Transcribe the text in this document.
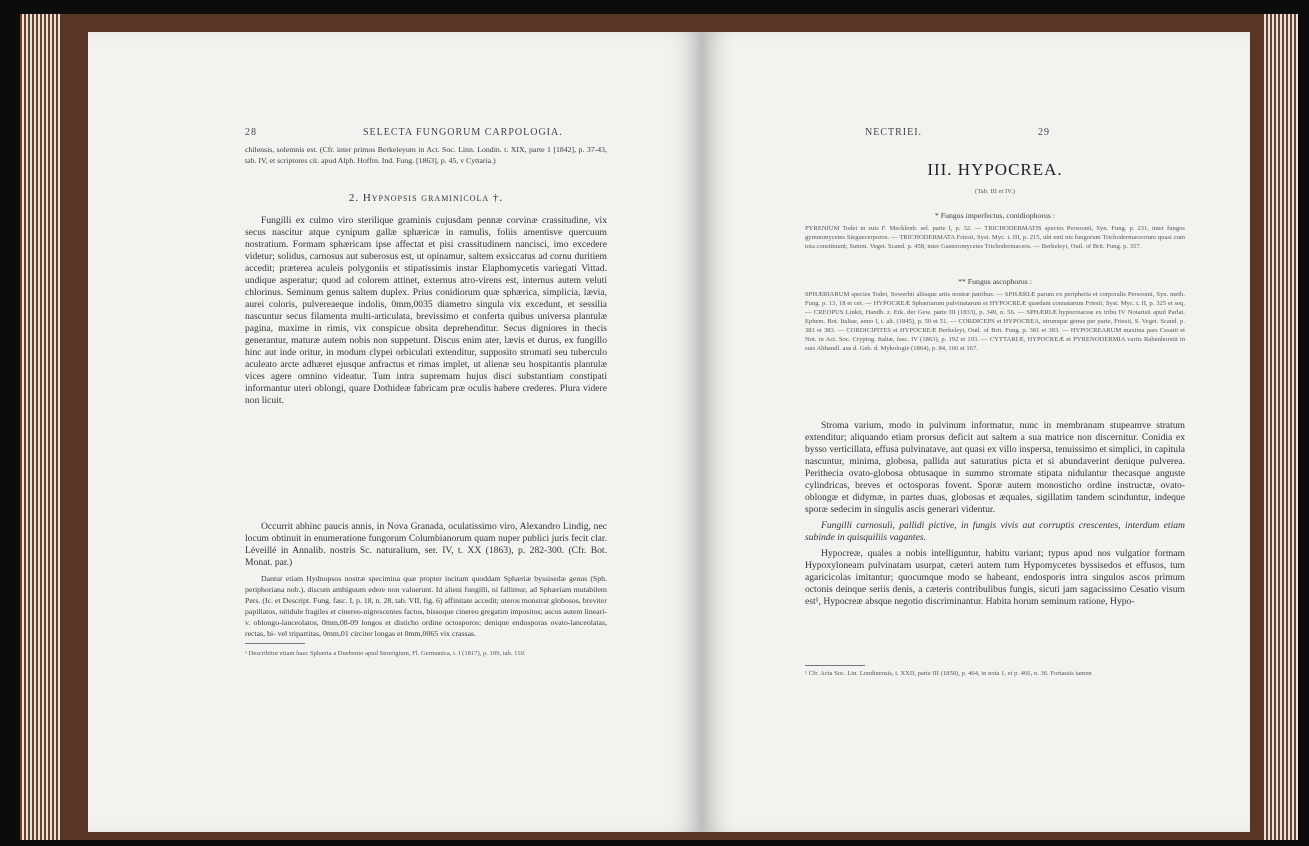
28	SELECTA FUNGORUM CARPOLOGIA.
chilensis, solemnis est. (Cfr. inter primos Berkeleyum in Act. Soc. Linn. Londin. t. XIX, parte 1 [1842], p. 37-43, tab. IV, et scriptores cit. apud Alph. Hoffm. Ind. Fung. [1863], p. 45, v Cyttaria.)
2. Hypnopsis graminicola †.

Fungilli ex culmo viro sterilique graminis cujusdam pennæ corvinæ crassitudine, vix secus nascitur atque cynipum gallæ sphæricæ in ramulis, foliis amentisve quercuum nostratium. Formam sphæricam ipse affectat et pisi crassitudinem nancisci, imo excedere videtur; solidus, carnosus aut suberosus est, ut opinamur, saltem exsiccatus ad cornu duritiem accedit; præterea aculeis polygoniis et stipatissimis instar Elaphomycetis variegati Vittad. undique asperatur; quod ad colorem attinet, externus atro-virens est, internus autem veluti chlorinus. Seminum genus saltem duplex. Prius conidiorum quæ sphærica, simplicia, lævia, aurei coloris, pulvereaeque indolis, 0mm,0035 diametro singula vix excedunt, et sessilia nascuntur secus filamenta multi-articulata, brevissimo et conferta quibus universa plantulæ pagina, maxime in rimis, vix conspicue obsita deprehenditur. Secus digniores in thecis generantur, maturæ autem nobis non suppetunt. Discus enim ater, lævis et durus, ex fungillo hinc aut inde oritur, in modum clypei orbiculati extenditur, supposito stromati seu tuberculo aculeato arcte adhæret ejusque anfractus et rimas implet, ut alienæ seu hospitantis plantulæ vices agere omnino videatur. Tum intra supremam hujus disci substantiam constipati informantur uteri oblongi, quare Dothideæ fabricam præ oculis habere crederes. Plura videre non licuit.

Occurrit abhinc paucis annis, in Nova Granada, oculatissimo viro, Alexandro Lindig, nec locum obtinuit in enumeratione fungorum Columbianorum quam nuper publici juris fecit clar. Léveillé in Annalib. nostris Sc. naturalium, ser. IV, t. XX (1863), p. 282-300. (Cfr. Bot. Monat. par.)
Dantur etiam Hydnopsos nostræ specimina quæ propter incitam quoddam Sphæriæ byssisedæ genus (Sph. periphoriana nob.), discum ambiguum edere non valuerunt. Id alieni fungilli, ni fallimur, ad Sphæriam mutabilem Pers. (Ic. et Descript. Fung. fasc. I, p. 18, n. 28, tab. VII, fig. 6) affinitate accedit; uteros monstrat globosos, breviter papillatos, nitidule fragiles et cinereo-nigrescentes factos, bissoque cinereo gregatim impositos; ascos autem lineari-v. oblongo-lanceolatos, 0mm,08-09 longos et disticho ordine octosporos; denique endosporas ovato-lanceolatas, rectas, bi- vel tripartitas, 0mm,01 circiter longas et 0mm,0065 vix crassas.
¹ Describitur etiam haec Sphæria a Duebenio apud Stoerigium, Fl. Germanica, t. I (1817), p. 109, tab. 110.
NECTRIEI.	29
III. HYPOCREA.
(Tab. III et IV.)
* Fungus imperfectus, conidiophorus :
PYRENIUM Todei in suis F. Mecklenb. sel. parte I, p. 32. — TRICHODERMATIS species Persoonii, Syn. Fung. p. 231, inter fungos gymnomycetes Sieguecerporos. — TRICHODERMATA Friesii, Syst. Myc. t. III, p. 215, ubi enti nis fungorum Trichodermaceorum quasi cum tota constituunt; Summ. Veget. Scand. p. 458, inter Gasteromycetes Trichodermaceos. — Berkeleyi, Outl. of Brit. Fung. p. 357.
** Fungus ascophorus :
SPHÆRIARUM species Todei, Sowerbii aliisque artis nostræ patribus. — SPHÆRIÆ parum ex peripheria et corporalis Persoonii, Syn. meth. Fung. p. 13, 18 et cet. — HYPOCREÆ Sphæriarum pulvinatarum et HYPOCREÆ quædam connatarum Friesii, Syst. Myc. t. II, p. 325 et seq. — CREOPUS Linkii, Handb. z. Erk. der Gew. parte III (1833), p. 349, n. 56. — SPHÆRIÆ hypocreaceæ ex tribu IV Notarisii apud Parlat. Ephem. Bot. Italiae, anno I, t. alt. (1845), p. 50 et 51. — CORDICEPS et HYPOCREA, utrumque genus per parte, Friesii, S. Veget. Scand. p. 381 et 383. — CORDICIPITES et HYPOCREÆ Berkeleyi, Outl. of Brit. Fung. p. 381 et 383. — HYPOCREARUM maxima pars Cesatii et Not. in Act. Soc. Cryptog. Italiæ, fasc. IV (1863), p. 192 et 193. — CYTTARIÆ, HYPOCREÆ et PYRENODERMIA variis Rabenhorstii in suis Abhandl. aus d. Geb. d. Mykologie (1864), p. 84, 166 et 167.

Stroma varium, modo in pulvinum informatur, nunc in membranam stupeamve stratum extenditur; aliquando etiam prorsus deficit aut saltem a sua matrice non discernitur. Conidia ex bysso verticillata, effusa pulvinatave, aut quasi ex villo inspersa, tenuissimo et simplici, in capitula nascuntur, minima, globosa, pallida aut saturatius picta et si abundaverint denique pulverea. Perithecia ovato-globosa obtusaque in summo stromate stipata nidulantur thecasque anguste cylindricas, breves et octosporas fovent. Sporæ autem monosticho ordine instructæ, ovato-oblongæ et didymæ, in partes duas, globosas et æquales, sigillatim tandem scinduntur, indeque sporæ sedecim in singulis ascis generari videntur.

Fungilli carnosuli, pallidi pictive, in fungis vivis aut corruptis crescentes, interdum etiam subinde in quisquiliis vagantes.

Hypocreæ, quales a nobis intelliguntur, habitu variant; typus apud nos vulgatior formam Hypoxyloneam pulvinatam usurpat, cæteri autem tum Hypomycetes byssisedos et effusos, tum agaricicolas imitantur; quocumque modo se habeant, endosporis intra singulos ascos primum octonis deinque seriis denis, a cæteris contribulibus fungis, sicuti jam sagacissimo Cesatio visum est¹, Hypocreæ absque negotio discriminantur. Habita horum seminum ratione, Hypo-

¹ Cfr. Acta Soc. Lin. Londinensis, t. XXII, parte III (1858), p. 464, in nota 1, et p. 466, n. 36. Fortassis tamen
